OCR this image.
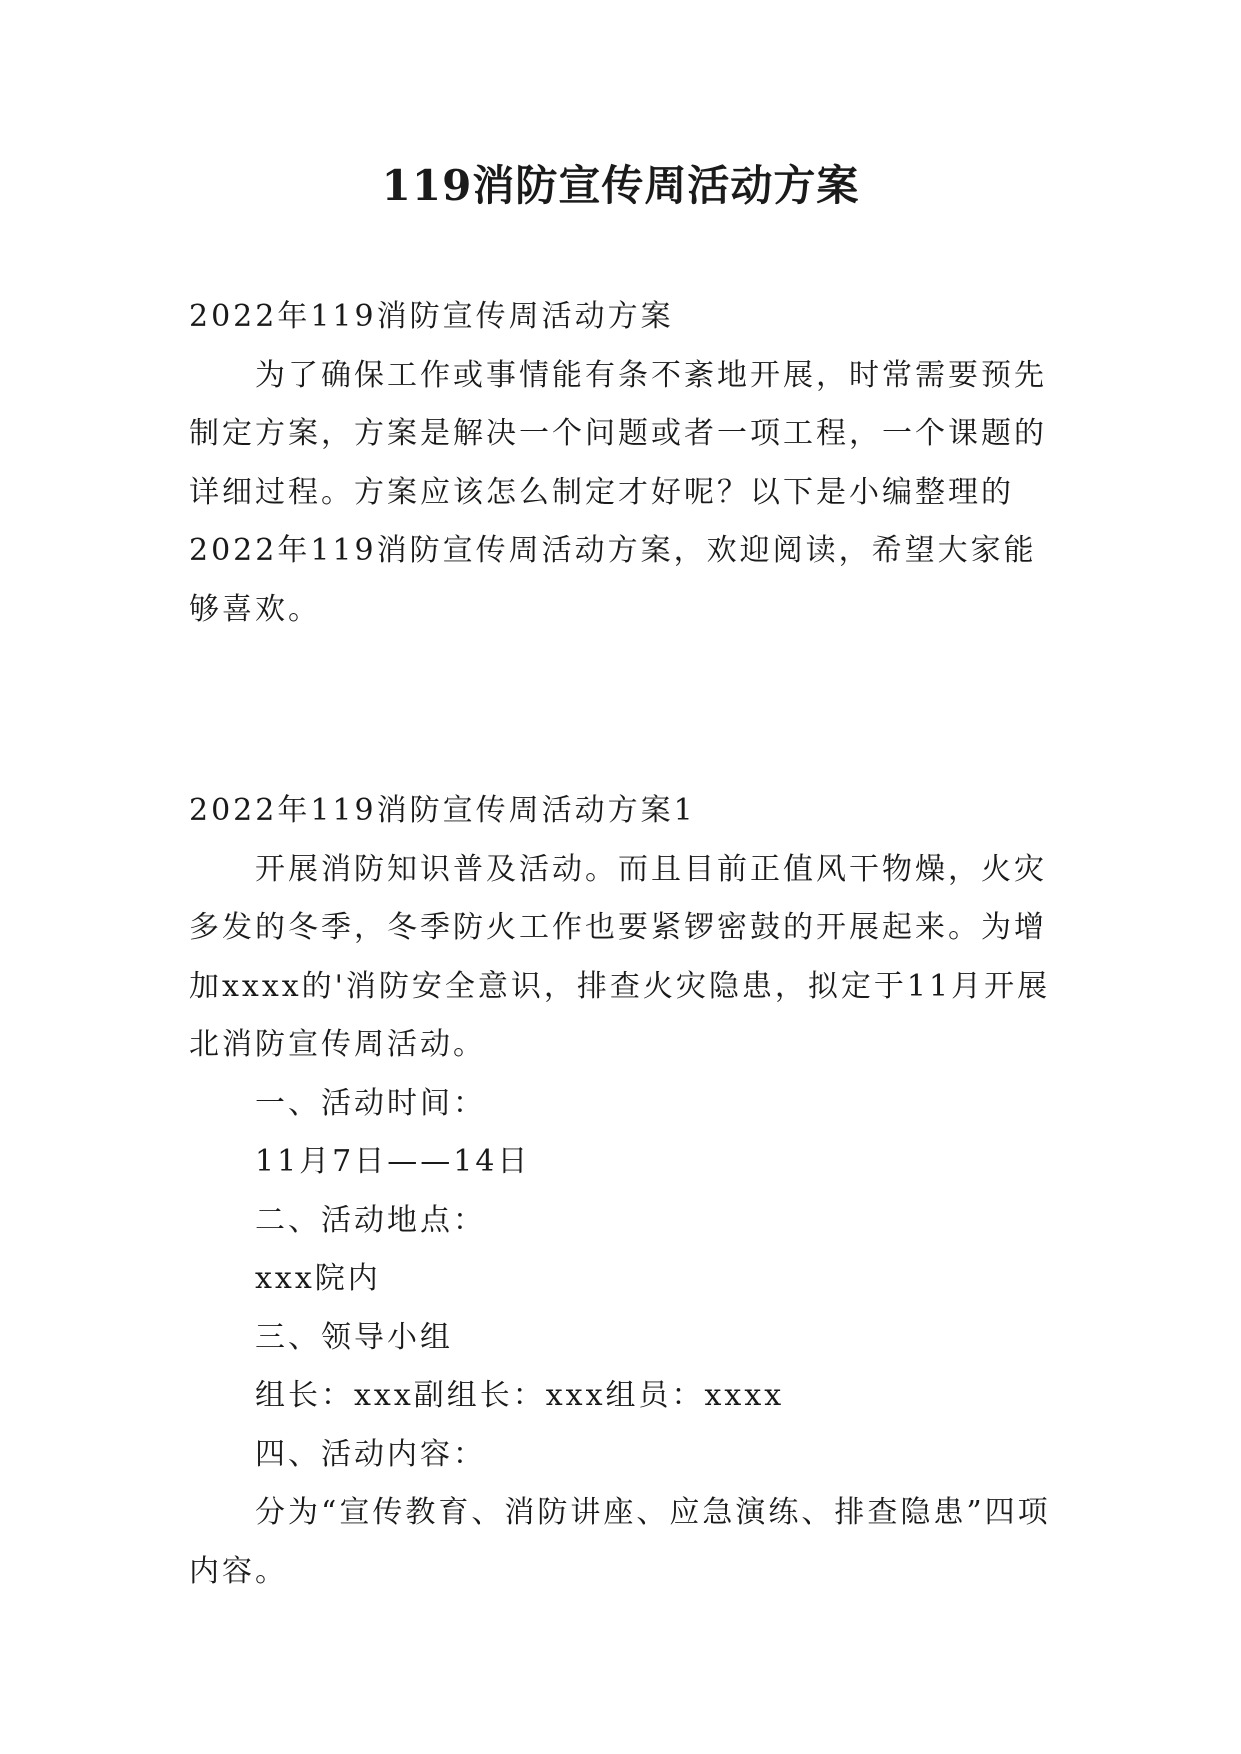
119消防宣传周活动方案

2022年119消防宣传周活动方案

为了确保工作或事情能有条不紊地开展，时常需要预先制定方案，方案是解决一个问题或者一项工程，一个课题的详细过程。方案应该怎么制定才好呢？以下是小编整理的2022年119消防宣传周活动方案，欢迎阅读，希望大家能够喜欢。

2022年119消防宣传周活动方案1

开展消防知识普及活动。而且目前正值风干物燥，火灾多发的冬季，冬季防火工作也要紧锣密鼓的开展起来。为增加xxxx的'消防安全意识，排查火灾隐患，拟定于11月开展北消防宣传周活动。

一、活动时间：

11月7日——14日

二、活动地点：

xxx院内

三、领导小组

组长：xxx副组长：xxx组员：xxxx

四、活动内容：

分为“宣传教育、消防讲座、应急演练、排查隐患”四项内容。
